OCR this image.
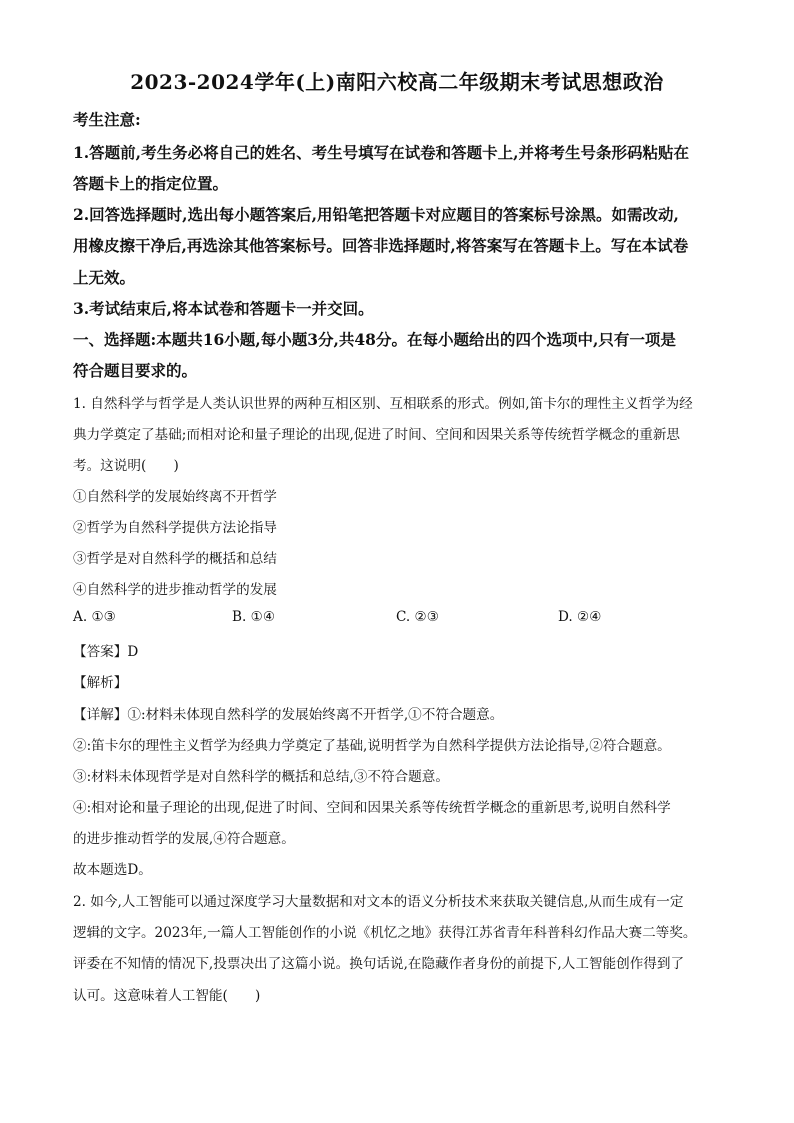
2023-2024学年(上)南阳六校高二年级期末考试思想政治

考生注意:

1.答题前,考生务必将自己的姓名、考生号填写在试卷和答题卡上,并将考生号条形码粘贴在

答题卡上的指定位置。

2.回答选择题时,选出每小题答案后,用铅笔把答题卡对应题目的答案标号涂黑。如需改动,

用橡皮擦干净后,再选涂其他答案标号。回答非选择题时,将答案写在答题卡上。写在本试卷

上无效。

3.考试结束后,将本试卷和答题卡一并交回。

一、选择题:本题共16小题,每小题3分,共48分。在每小题给出的四个选项中,只有一项是

符合题目要求的。

1. 自然科学与哲学是人类认识世界的两种互相区别、互相联系的形式。例如,笛卡尔的理性主义哲学为经

典力学奠定了基础;而相对论和量子理论的出现,促进了时间、空间和因果关系等传统哲学概念的重新思

考。这说明(　　)

①自然科学的发展始终离不开哲学

②哲学为自然科学提供方法论指导

③哲学是对自然科学的概括和总结

④自然科学的进步推动哲学的发展

A. ①③	B. ①④	C. ②③	D. ②④

【答案】D

【解析】

【详解】①:材料未体现自然科学的发展始终离不开哲学,①不符合题意。

②:笛卡尔的理性主义哲学为经典力学奠定了基础,说明哲学为自然科学提供方法论指导,②符合题意。

③:材料未体现哲学是对自然科学的概括和总结,③不符合题意。

④:相对论和量子理论的出现,促进了时间、空间和因果关系等传统哲学概念的重新思考,说明自然科学

的进步推动哲学的发展,④符合题意。

故本题选D。

2. 如今,人工智能可以通过深度学习大量数据和对文本的语义分析技术来获取关键信息,从而生成有一定

逻辑的文字。2023年,一篇人工智能创作的小说《机忆之地》获得江苏省青年科普科幻作品大赛二等奖。

评委在不知情的情况下,投票决出了这篇小说。换句话说,在隐藏作者身份的前提下,人工智能创作得到了

认可。这意味着人工智能(　　)
